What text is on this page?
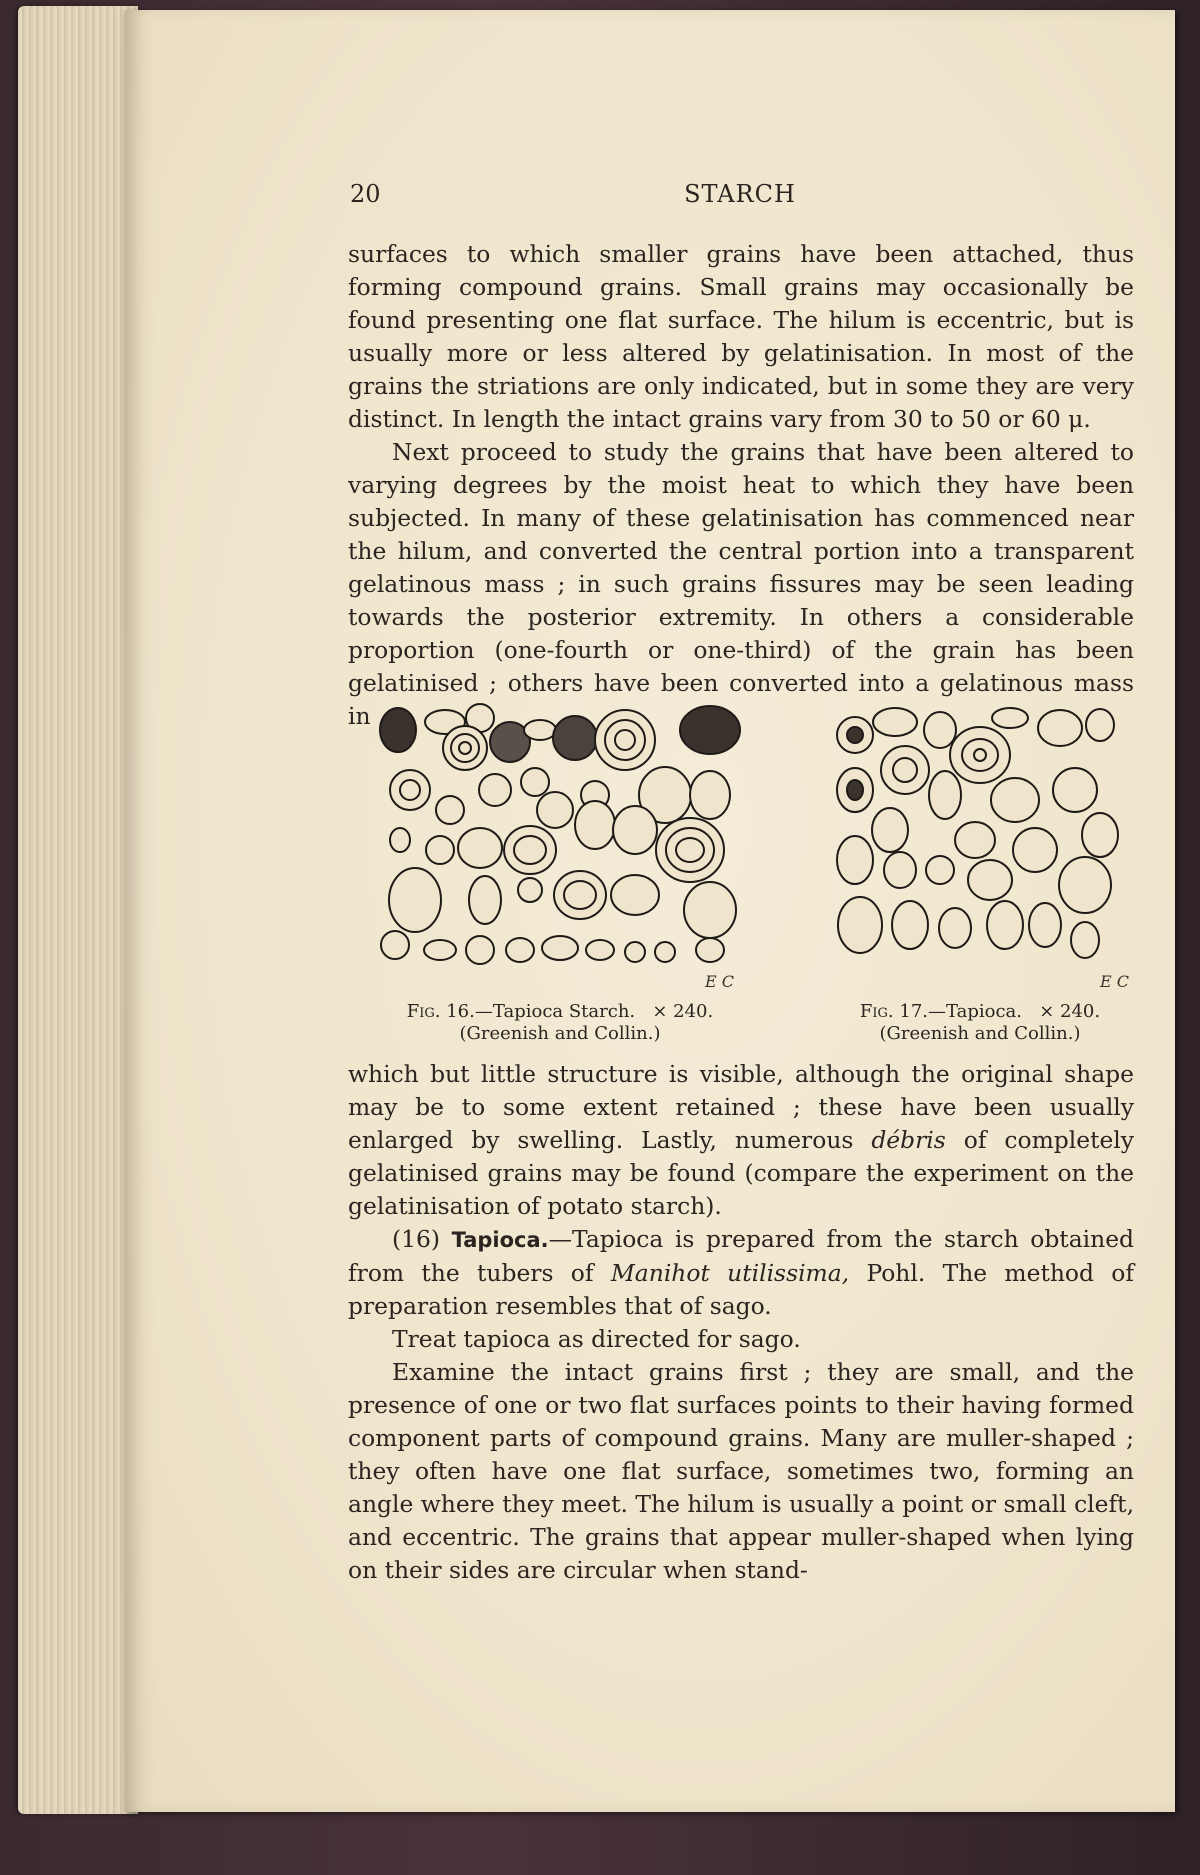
20	STARCH

surfaces to which smaller grains have been attached, thus forming compound grains. Small grains may occasionally be found presenting one flat surface. The hilum is eccentric, but is usually more or less altered by gelatinisation. In most of the grains the striations are only indicated, but in some they are very distinct. In length the intact grains vary from 30 to 50 or 60 μ.

Next proceed to study the grains that have been altered to varying degrees by the moist heat to which they have been subjected. In many of these gelatinisation has commenced near the hilum, and converted the central portion into a transparent gelatinous mass ; in such grains fissures may be seen leading towards the posterior extremity. In others a considerable proportion (one-fourth or one-third) of the grain has been gelatinised ; others have been converted into a gelatinous mass in

E C
Fig. 16.—Tapioca Starch. × 240.
(Greenish and Collin.)
E C
Fig. 17.—Tapioca. × 240.
(Greenish and Collin.)

which but little structure is visible, although the original shape may be to some extent retained ; these have been usually enlarged by swelling. Lastly, numerous débris of completely gelatinised grains may be found (compare the experiment on the gelatinisation of potato starch).

(16) Tapioca.—Tapioca is prepared from the starch obtained from the tubers of Manihot utilissima, Pohl. The method of preparation resembles that of sago.

Treat tapioca as directed for sago.

Examine the intact grains first ; they are small, and the presence of one or two flat surfaces points to their having formed component parts of compound grains. Many are muller-shaped ; they often have one flat surface, sometimes two, forming an angle where they meet. The hilum is usually a point or small cleft, and eccentric. The grains that appear muller-shaped when lying on their sides are circular when stand-
